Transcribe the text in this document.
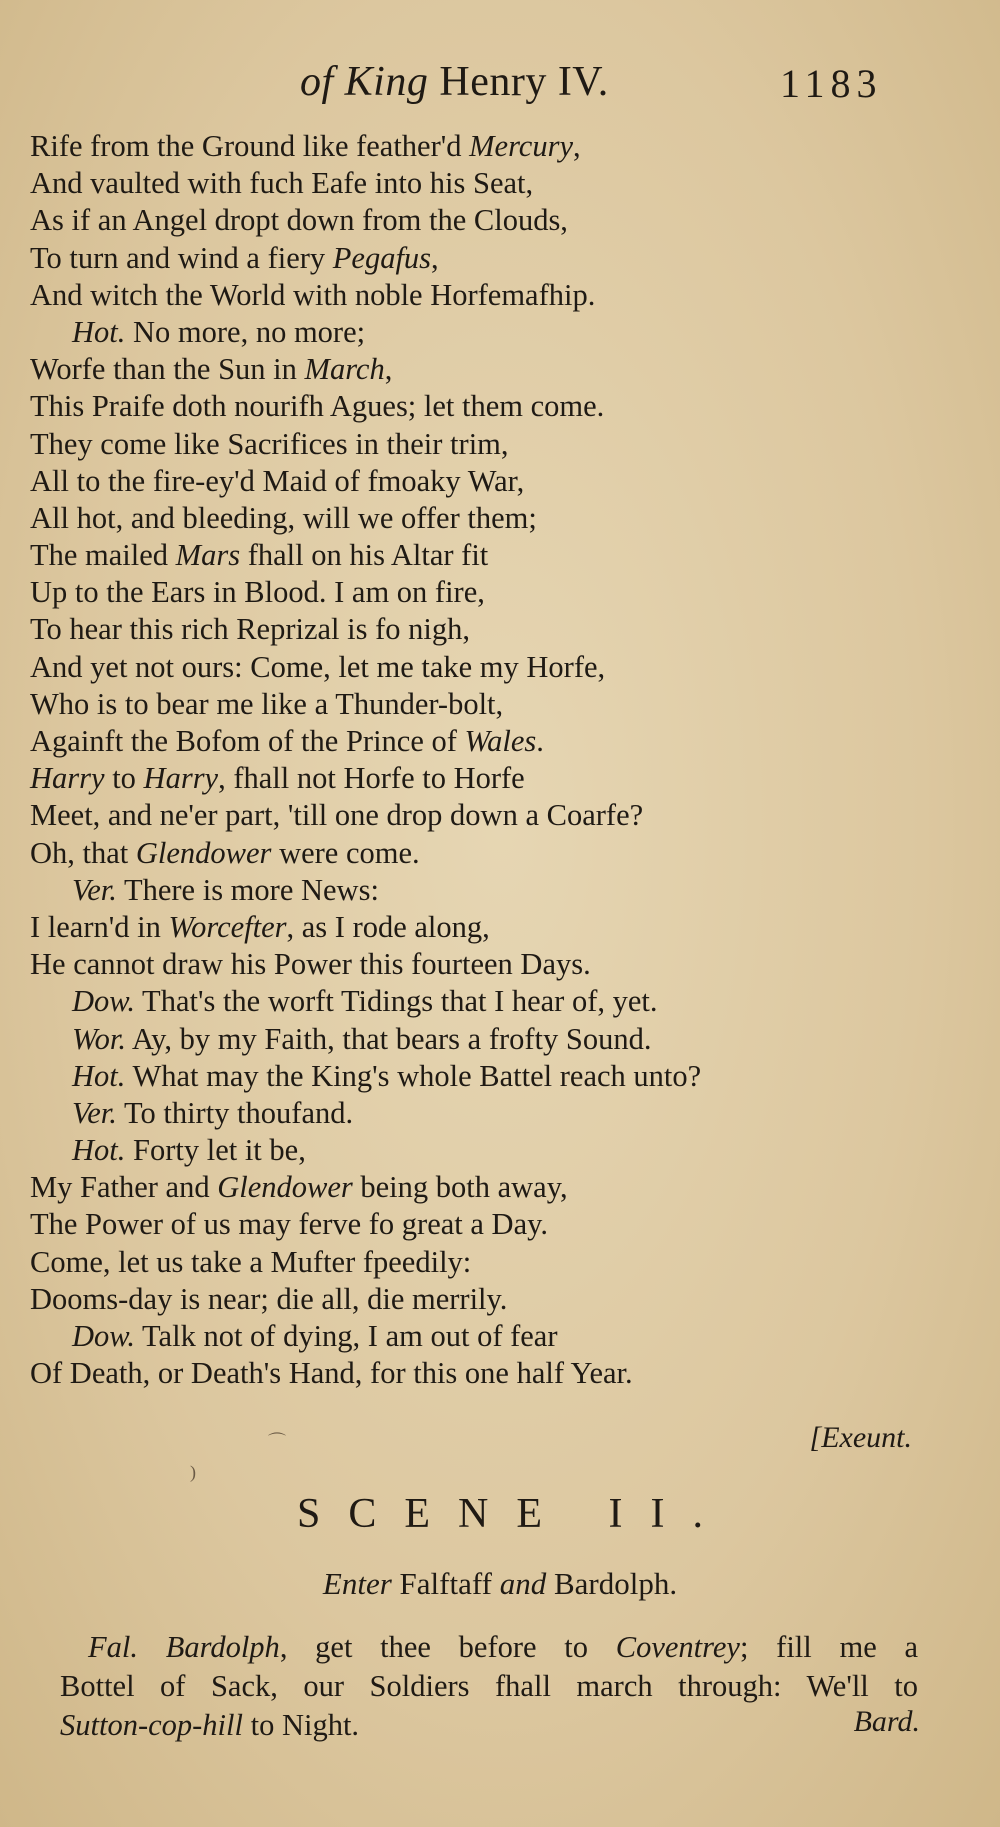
of King Henry IV.	1183
Rife from the Ground like feather'd Mercury,
And vaulted with fuch Eafe into his Seat,
As if an Angel dropt down from the Clouds,
To turn and wind a fiery Pegafus,
And witch the World with noble Horfemafhip.
Hot. No more, no more;
Worfe than the Sun in March,
This Praife doth nourifh Agues; let them come.
They come like Sacrifices in their trim,
All to the fire-ey'd Maid of fmoaky War,
All hot, and bleeding, will we offer them;
The mailed Mars fhall on his Altar fit
Up to the Ears in Blood. I am on fire,
To hear this rich Reprizal is fo nigh,
And yet not ours: Come, let me take my Horfe,
Who is to bear me like a Thunder-bolt,
Againft the Bofom of the Prince of Wales.
Harry to Harry, fhall not Horfe to Horfe
Meet, and ne'er part, 'till one drop down a Coarfe?
Oh, that Glendower were come.
Ver. There is more News:
I learn'd in Worcefter, as I rode along,
He cannot draw his Power this fourteen Days.
Dow. That's the worft Tidings that I hear of, yet.
Wor. Ay, by my Faith, that bears a frofty Sound.
Hot. What may the King's whole Battel reach unto?
Ver. To thirty thoufand.
Hot. Forty let it be,
My Father and Glendower being both away,
The Power of us may ferve fo great a Day.
Come, let us take a Mufter fpeedily:
Dooms-day is near; die all, die merrily.
Dow. Talk not of dying, I am out of fear
Of Death, or Death's Hand, for this one half Year.
[Exeunt.
SCENE II.
Enter Falftaff and Bardolph.
Fal. Bardolph, get thee before to Coventrey; fill me a
Bottel of Sack, our Soldiers fhall march through: We'll to
Sutton-cop-hill to Night.	Bard.
⌒
)
